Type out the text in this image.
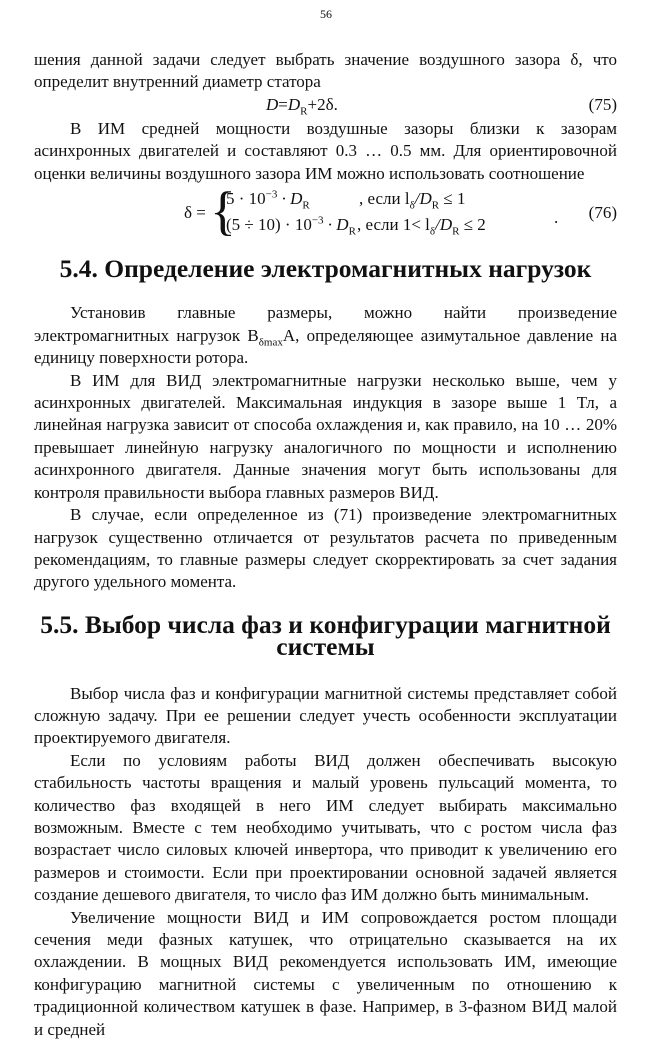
56

шения данной задачи следует выбрать значение воздушного зазора δ, что определит внутренний диаметр статора

$D=D_R+2\delta$.	(75)

В ИМ средней мощности воздушные зазоры близки к зазорам асинхронных двигателей и составляют 0.3 … 0.5 мм. Для ориентировочной оценки величины воздушного зазора ИМ можно использовать соотношение

δ = {
$5 \cdot 10^{-3} \cdot D_R$	, если $l_\delta/D_R \le 1$
$(5 \div 10) \cdot 10^{-3} \cdot D_R$ , если $1< l_\delta/D_R \le 2$	. (76)
5.4. Определение электромагнитных нагрузок

Установив главные размеры, можно найти произведение электромагнитных нагрузок $B_{\delta max}A$, определяющее азимутальное давление на единицу поверхности ротора.

В ИМ для ВИД электромагнитные нагрузки несколько выше, чем у асинхронных двигателей. Максимальная индукция в зазоре выше 1 Тл, а линейная нагрузка зависит от способа охлаждения и, как правило, на 10 … 20% превышает линейную нагрузку аналогичного по мощности и исполнению асинхронного двигателя. Данные значения могут быть использованы для контроля правильности выбора главных размеров ВИД.

В случае, если определенное из (71) произведение электромагнитных нагрузок существенно отличается от результатов расчета по приведенным рекомендациям, то главные размеры следует скорректировать за счет задания другого удельного момента.

5.5. Выбор числа фаз и конфигурации магнитной системы

Выбор числа фаз и конфигурации магнитной системы представляет собой сложную задачу. При ее решении следует учесть особенности эксплуатации проектируемого двигателя.

Если по условиям работы ВИД должен обеспечивать высокую стабильность частоты вращения и малый уровень пульсаций момента, то количество фаз входящей в него ИМ следует выбирать максимально возможным. Вместе с тем необходимо учитывать, что с ростом числа фаз возрастает число силовых ключей инвертора, что приводит к увеличению его размеров и стоимости. Если при проектировании основной задачей является создание дешевого двигателя, то число фаз ИМ должно быть минимальным.

Увеличение мощности ВИД и ИМ сопровождается ростом площади сечения меди фазных катушек, что отрицательно сказывается на их охлаждении. В мощных ВИД рекомендуется использовать ИМ, имеющие конфигурацию магнитной системы с увеличенным по отношению к традиционной количеством катушек в фазе. Например, в 3-фазном ВИД малой и средней
